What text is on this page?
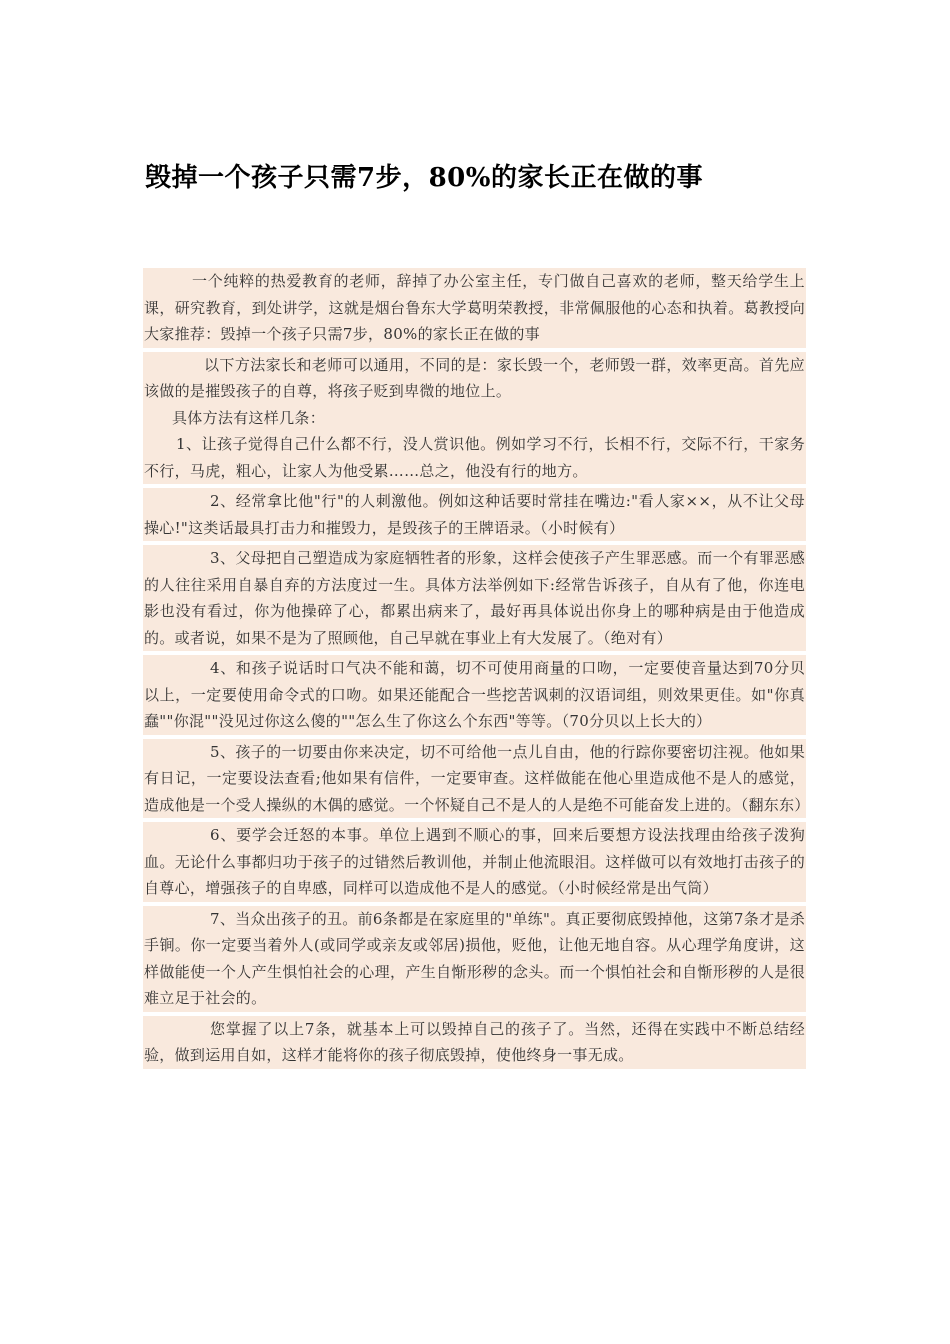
毁掉一个孩子只需7步，80%的家长正在做的事

一个纯粹的热爱教育的老师，辞掉了办公室主任，专门做自己喜欢的老师，整天给学生上课，研究教育，到处讲学，这就是烟台鲁东大学葛明荣教授，非常佩服他的心态和执着。葛教授向大家推荐：毁掉一个孩子只需7步，80%的家长正在做的事

以下方法家长和老师可以通用，不同的是：家长毁一个，老师毁一群，效率更高。首先应该做的是摧毁孩子的自尊，将孩子贬到卑微的地位上。

具体方法有这样几条：

1、让孩子觉得自己什么都不行，没人赏识他。例如学习不行，长相不行，交际不行，干家务不行，马虎，粗心，让家人为他受累……总之，他没有行的地方。

2、经常拿比他"行"的人刺激他。例如这种话要时常挂在嘴边:"看人家××，从不让父母操心!"这类话最具打击力和摧毁力，是毁孩子的王牌语录。（小时候有）

3、父母把自己塑造成为家庭牺牲者的形象，这样会使孩子产生罪恶感。而一个有罪恶感的人往往采用自暴自弃的方法度过一生。具体方法举例如下:经常告诉孩子，自从有了他，你连电影也没有看过，你为他操碎了心，都累出病来了，最好再具体说出你身上的哪种病是由于他造成的。或者说，如果不是为了照顾他，自己早就在事业上有大发展了。（绝对有）

4、和孩子说话时口气决不能和蔼，切不可使用商量的口吻，一定要使音量达到70分贝以上，一定要使用命令式的口吻。如果还能配合一些挖苦讽刺的汉语词组，则效果更佳。如"你真蠢""你混""没见过你这么傻的""怎么生了你这么个东西"等等。（70分贝以上长大的）

5、孩子的一切要由你来决定，切不可给他一点儿自由，他的行踪你要密切注视。他如果有日记，一定要设法查看;他如果有信件，一定要审查。这样做能在他心里造成他不是人的感觉，造成他是一个受人操纵的木偶的感觉。一个怀疑自己不是人的人是绝不可能奋发上进的。（翻东东）

6、要学会迁怒的本事。单位上遇到不顺心的事，回来后要想方设法找理由给孩子泼狗血。无论什么事都归功于孩子的过错然后教训他，并制止他流眼泪。这样做可以有效地打击孩子的自尊心，增强孩子的自卑感，同样可以造成他不是人的感觉。（小时候经常是出气筒）

7、当众出孩子的丑。前6条都是在家庭里的"单练"。真正要彻底毁掉他，这第7条才是杀手锏。你一定要当着外人(或同学或亲友或邻居)损他，贬他，让他无地自容。从心理学角度讲，这样做能使一个人产生惧怕社会的心理，产生自惭形秽的念头。而一个惧怕社会和自惭形秽的人是很难立足于社会的。

您掌握了以上7条，就基本上可以毁掉自己的孩子了。当然，还得在实践中不断总结经验，做到运用自如，这样才能将你的孩子彻底毁掉，使他终身一事无成。
